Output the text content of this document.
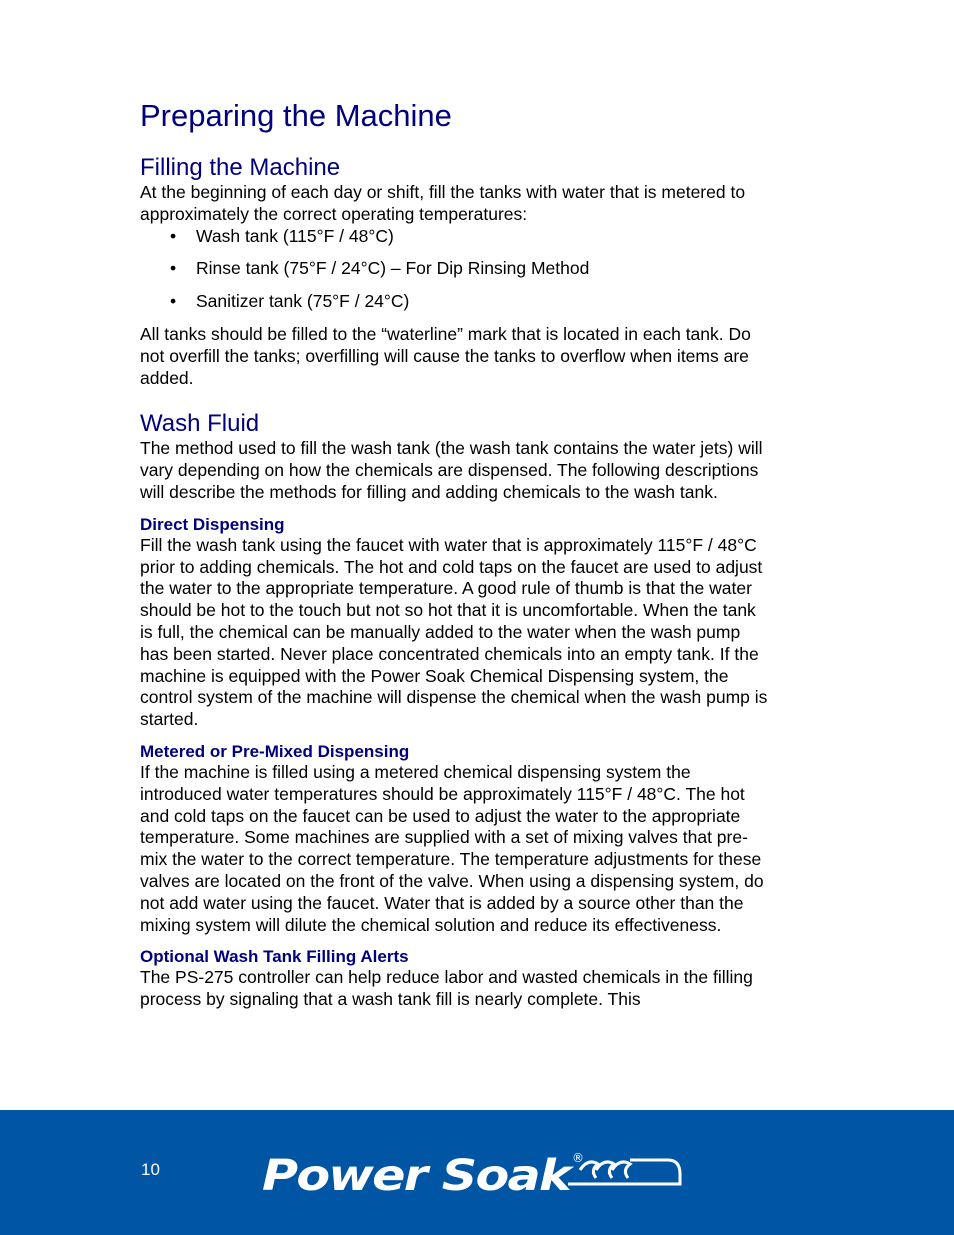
Preparing the Machine
Filling the Machine

At the beginning of each day or shift, fill the tanks with water that is metered to approximately the correct operating temperatures:

• Wash tank (115°F / 48°C)
• Rinse tank (75°F / 24°C) – For Dip Rinsing Method
• Sanitizer tank (75°F / 24°C)

All tanks should be filled to the “waterline” mark that is located in each tank. Do not overfill the tanks; overfilling will cause the tanks to overflow when items are added.

Wash Fluid

The method used to fill the wash tank (the wash tank contains the water jets) will vary depending on how the chemicals are dispensed. The following descriptions will describe the methods for filling and adding chemicals to the wash tank.

Direct Dispensing

Fill the wash tank using the faucet with water that is approximately 115°F / 48°C prior to adding chemicals. The hot and cold taps on the faucet are used to adjust the water to the appropriate temperature. A good rule of thumb is that the water should be hot to the touch but not so hot that it is uncomfortable. When the tank is full, the chemical can be manually added to the water when the wash pump has been started. Never place concentrated chemicals into an empty tank. If the machine is equipped with the Power Soak Chemical Dispensing system, the control system of the machine will dispense the chemical when the wash pump is started.

Metered or Pre-Mixed Dispensing

If the machine is filled using a metered chemical dispensing system the introduced water temperatures should be approximately 115°F / 48°C. The hot and cold taps on the faucet can be used to adjust the water to the appropriate temperature. Some machines are supplied with a set of mixing valves that pre-mix the water to the correct temperature. The temperature adjustments for these valves are located on the front of the valve. When using a dispensing system, do not add water using the faucet. Water that is added by a source other than the mixing system will dilute the chemical solution and reduce its effectiveness.

Optional Wash Tank Filling Alerts

The PS-275 controller can help reduce labor and wasted chemicals in the filling process by signaling that a wash tank fill is nearly complete. This

10 Power Soak
®
